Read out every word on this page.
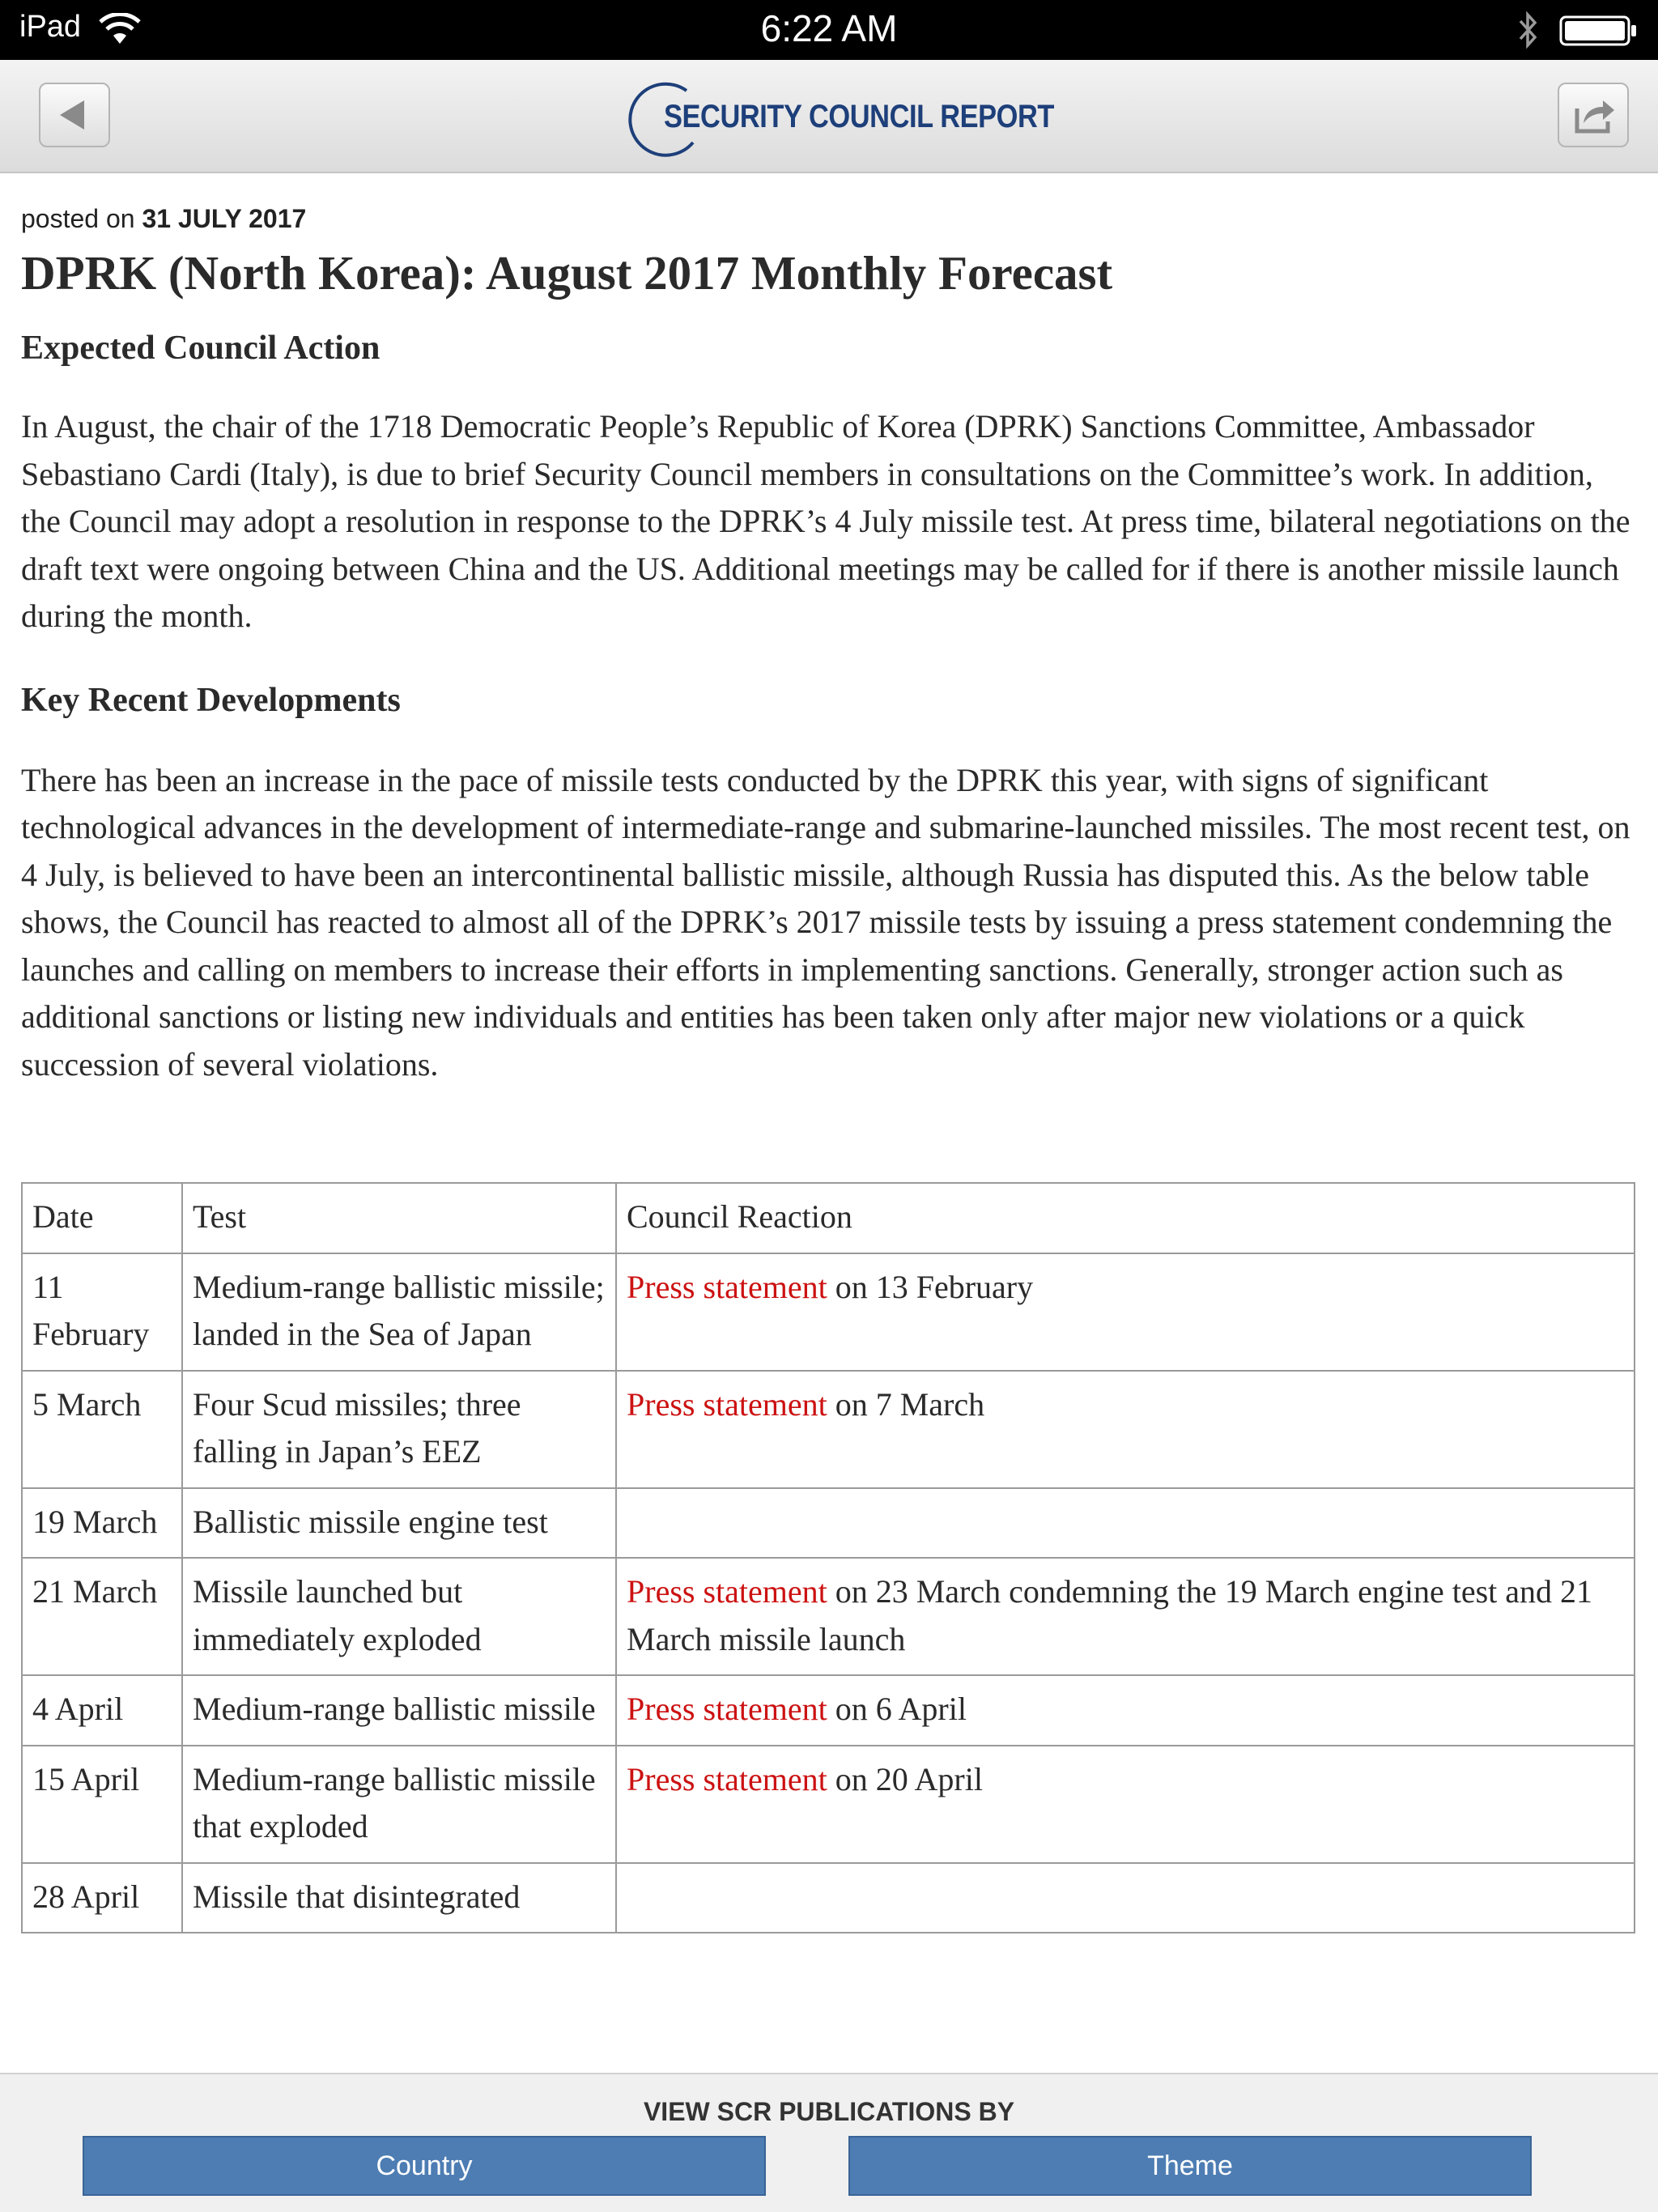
iPad	6:22 AM
SECURITY COUNCIL REPORT

posted on 31 JULY 2017

DPRK (North Korea): August 2017 Monthly Forecast
Expected Council Action

In August, the chair of the 1718 Democratic People’s Republic of Korea (DPRK) Sanctions Committee, Ambassador Sebastiano Cardi (Italy), is due to brief Security Council members in consultations on the Committee’s work. In addition, the Council may adopt a resolution in response to the DPRK’s 4 July missile test. At press time, bilateral negotiations on the draft text were ongoing between China and the US. Additional meetings may be called for if there is another missile launch during the month.

Key Recent Developments

There has been an increase in the pace of missile tests conducted by the DPRK this year, with signs of significant technological advances in the development of intermediate-range and submarine-launched missiles. The most recent test, on 4 July, is believed to have been an intercontinental ballistic missile, although Russia has disputed this. As the below table shows, the Council has reacted to almost all of the DPRK’s 2017 missile tests by issuing a press statement condemning the launches and calling on members to increase their efforts in implementing sanctions. Generally, stronger action such as additional sanctions or listing new individuals and entities has been taken only after major new violations or a quick succession of several violations.

Date	Test	Council Reaction
11 February	Medium-range ballistic missile; landed in the Sea of Japan	Press statement on 13 February
5 March	Four Scud missiles; three falling in Japan’s EEZ	Press statement on 7 March
19 March	Ballistic missile engine test	
21 March	Missile launched but immediately exploded	Press statement on 23 March condemning the 19 March engine test and 21 March missile launch
4 April	Medium-range ballistic missile	Press statement on 6 April
15 April	Medium-range ballistic missile that exploded	Press statement on 20 April
28 April	Missile that disintegrated	
VIEW SCR PUBLICATIONS BY
Country	Theme
